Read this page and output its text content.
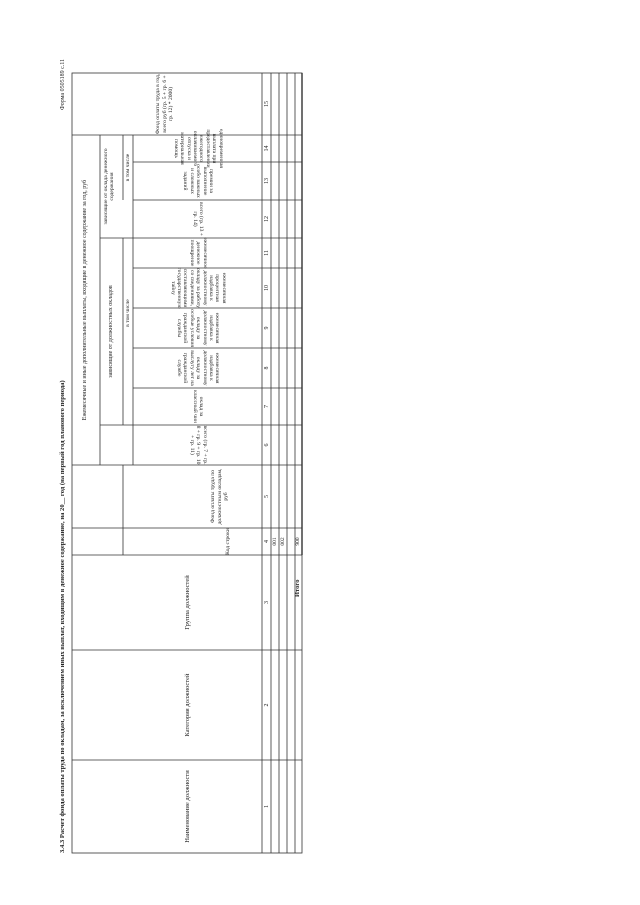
Форма 0505189 с.11
3.4.3 Расчет фонда оплаты труда по окладам, за исключением иных выплат, входящим в денежное содержание, на 20__ год (на первый год планового периода)	Наименование должности
Категория должностей
Группа должностей
Код строки
Фонд оплаты труда по должностным окладам, руб
Ежемесячные и иные дополнительные выплаты, входящие в денежное содержание за год, руб	зависящие от должностных окладов в том числе
зависящие от оклада денежного содержания
в том числе
всего (гр. 7 + гр. 8 + гр. 9 + гр. 10 + гр. 11)
оклад за классный чин
ежемесячная надбавка к должностному окладу за выслугу лет на гражданской службе
ежемесячная надбавка к должностному окладу за особые условия гражданской службы
ежемесячная процентная надбавка к должностному окладу за работу со сведениями, составляющими государственную тайну
ежемесячное денежное поощрение
всего (гр. 13 + гр. 14)
премии за выполнение особо важных и сложных заданий
единовременная выплата при предоставлении ежегодного оплачиваемого отпуска и материальная помощь
Фонд оплаты труда в год, всего руб (гр. 5 + гр. 6 + гр. 12) * 2000)
1
2
3
4
5
6
7
8
9
10
11
12
13
14
15
001 002 900
Итого
